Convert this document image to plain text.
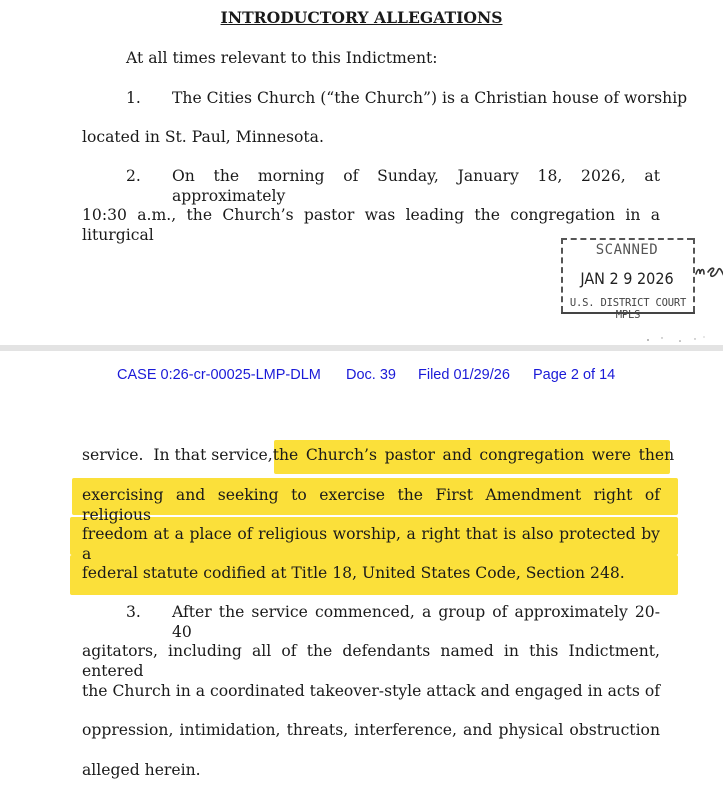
INTRODUCTORY ALLEGATIONS
At all times relevant to this Indictment:
1. The Cities Church (“the Church”) is a Christian house of worship
located in St. Paul, Minnesota.
2.	On the morning of Sunday, January 18, 2026, at approximately
10:30 a.m., the Church’s pastor was leading the congregation in a liturgical
SCANNED
JAN 2 9 2026
U.S. DISTRICT COURT MPLS
CASE 0:26-cr-00025-LMP-DLM Doc. 39 Filed 01/29/26 Page 2 of 14
service.  In that service, the Church’s pastor and congregation were then
exercising and seeking to exercise the First Amendment right of religious
freedom at a place of religious worship, a right that is also protected by a
federal statute codified at Title 18, United States Code, Section 248.
3.	After the service commenced, a group of approximately 20-40
agitators, including all of the defendants named in this Indictment, entered
the Church in a coordinated takeover-style attack and engaged in acts of
oppression, intimidation, threats, interference, and physical obstruction
alleged herein.
